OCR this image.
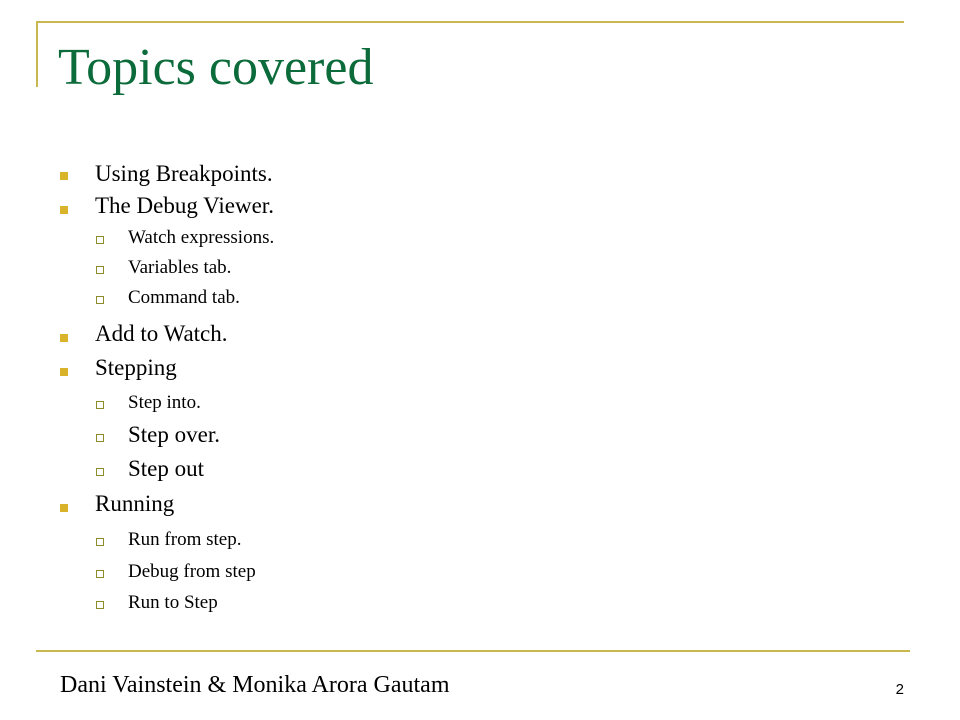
Topics covered
Using Breakpoints.
The Debug Viewer.
Watch expressions.
Variables tab.
Command tab.
Add to Watch.
Stepping
Step into.
Step over.
Step out
Running
Run from step.
Debug from step
Run to Step
Dani Vainstein & Monika Arora Gautam	2
